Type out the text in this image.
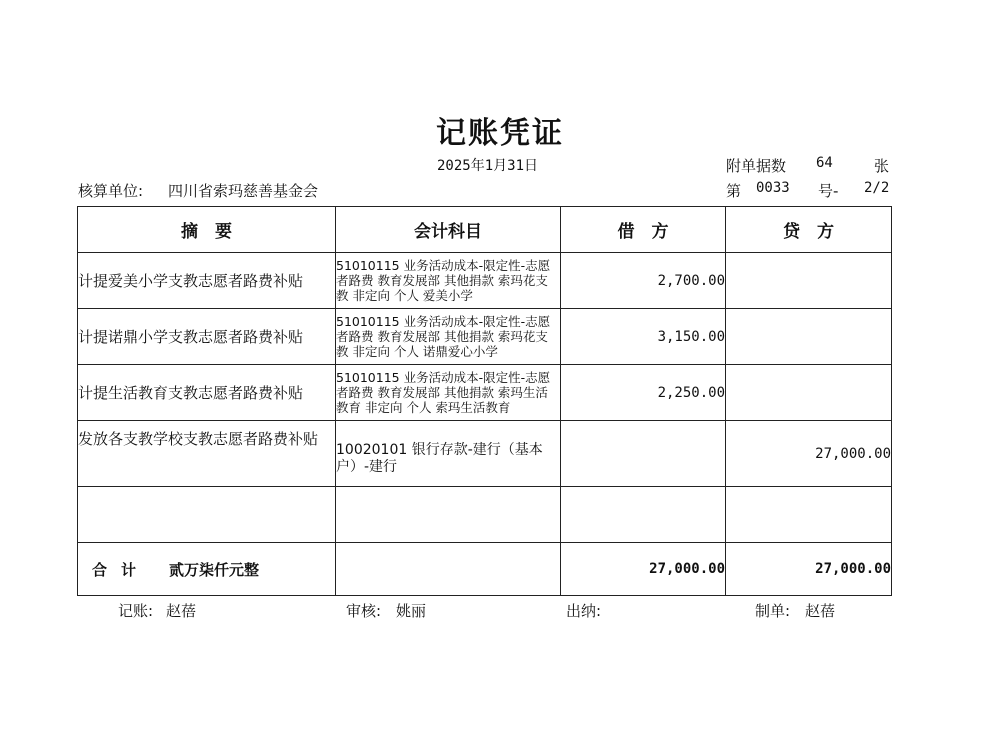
记账凭证
2025年1月31日	附单据数 64	张
核算单位: 四川省索玛慈善基金会	第 0033 号- 2/2
摘　要	会计科目	借　方	贷　方
计提爱美小学支教志愿者路费补贴	51010115 业务活动成本-限定性-志愿者路费 教育发展部 其他捐款 索玛花支教 非定向 个人 爱美小学	2,700.00	
计提诺鼎小学支教志愿者路费补贴	51010115 业务活动成本-限定性-志愿者路费 教育发展部 其他捐款 索玛花支教 非定向 个人 诺鼎爱心小学	3,150.00	
计提生活教育支教志愿者路费补贴	51010115 业务活动成本-限定性-志愿者路费 教育发展部 其他捐款 索玛生活教育 非定向 个人 索玛生活教育	2,250.00	
发放各支教学校支教志愿者路费补贴	10020101 银行存款-建行（基本户）-建行		27,000.00

合计 贰万柒仟元整		27,000.00	27,000.00
记账: 赵蓓	审核: 姚丽	出纳:	制单: 赵蓓
